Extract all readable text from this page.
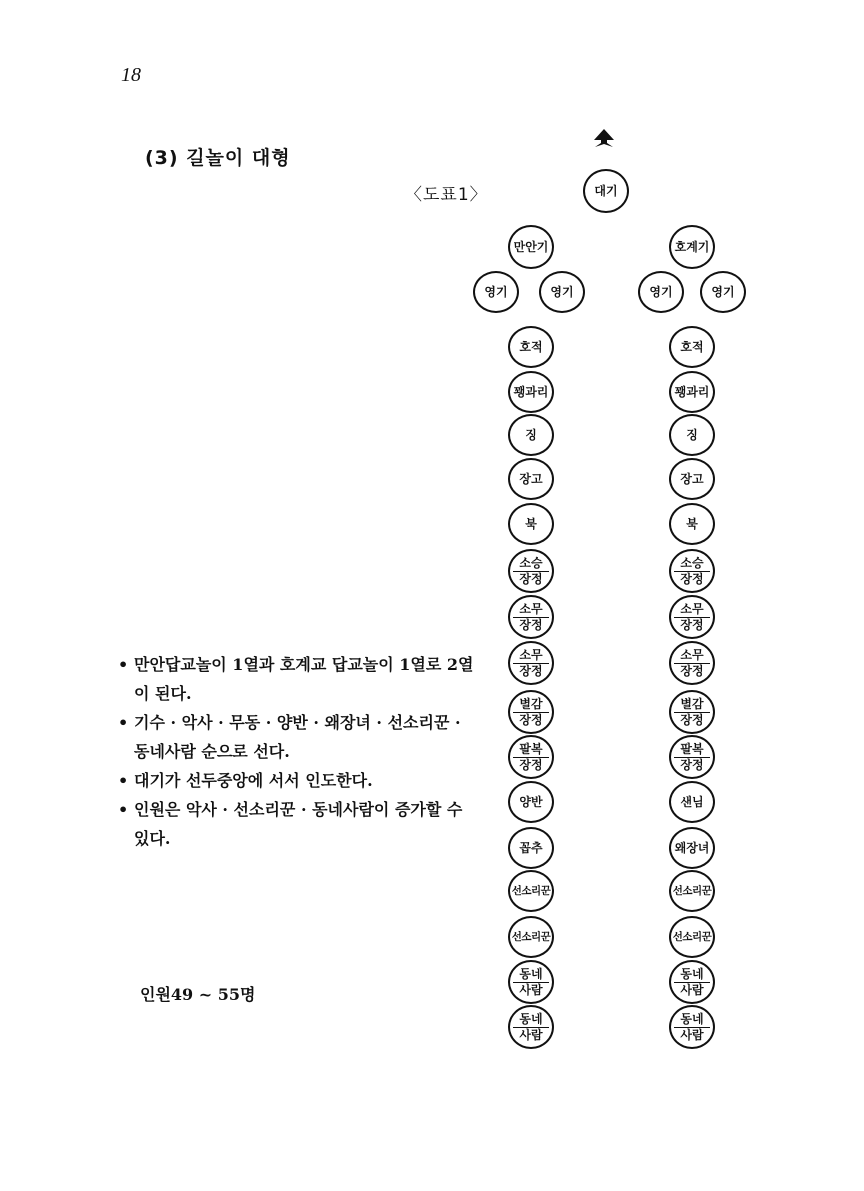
18
(3) 길놀이 대형
〈도표1〉	대기
만안기
영기	영기
호적
꽹과리
징
장고
북
소승
장정
소무
장정
소무
장정
별감
장정
팔복
장정
양반
꼽추
선소리꾼
선소리꾼
동네
사람
동네
사람
호계기
영기	영기
호적
꽹과리
징
장고
북
소승
장정
소무
장정
소무
장정
별감
장정
팔복
장정
샌님
왜장녀
선소리꾼
선소리꾼
동네
사람
동네
사람
• 만안답교놀이 1열과 호계교 답교놀이 1열로 2열이 된다.
• 기수 · 악사 · 무동 · 양반 · 왜장녀 · 선소리꾼 · 동네사람 순으로 선다.
• 대기가 선두중앙에 서서 인도한다.
• 인원은 악사 · 선소리꾼 · 동네사람이 증가할 수 있다.
인원49 ~ 55명
